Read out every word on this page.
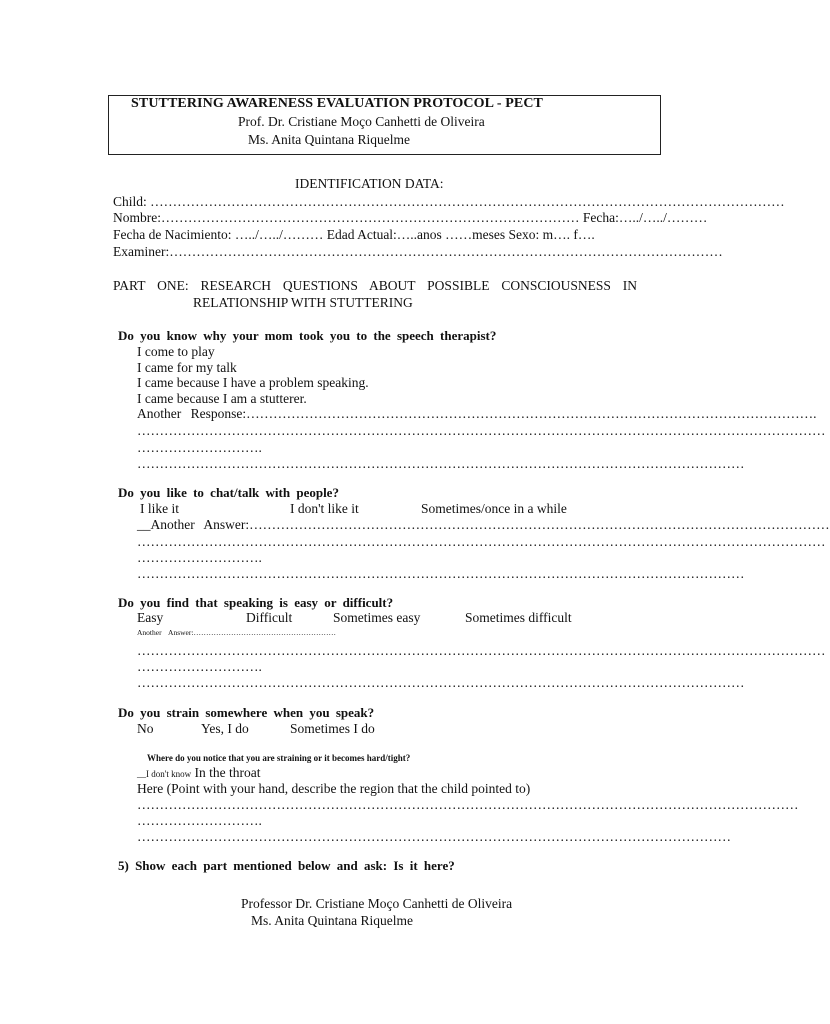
STUTTERING AWARENESS EVALUATION PROTOCOL - PECT
Prof. Dr. Cristiane Moço Canhetti de Oliveira
Ms. Anita Quintana Riquelme
IDENTIFICATION DATA:
Child: ……………………………………………………………………………………………………………………………
Nombre:………………………………………………………………………………… Fecha:…../…../………
Fecha de Nacimiento: …../…../……… Edad Actual:…..anos ……meses Sexo: m…. f….
Examiner:……………………………………………………………………………………………………………
PART ONE: RESEARCH QUESTIONS ABOUT POSSIBLE CONSCIOUSNESS IN
RELATIONSHIP WITH STUTTERING
Do you know why your mom took you to the speech therapist?
I come to play
I came for my talk
I came because I have a problem speaking.
I came because I am a stutterer.
Another Response:……………………………………………………………………………………………………………….
………………………………………………………………………………………………………………………………………
……………………….
………………………………………………………………………………………………………………………
Do you like to chat/talk with people?
I like it	I don't like it	Sometimes/once in a while
__Another Answer:…………………………………………………………………………………………………………………
………………………………………………………………………………………………………………………………………
……………………….
………………………………………………………………………………………………………………………
Do you find that speaking is easy or difficult?
Easy	Difficult	Sometimes easy	Sometimes difficult
Another Answer:…………………………………………………
………………………………………………………………………………………………………………………………………
……………………….
………………………………………………………………………………………………………………………
Do you strain somewhere when you speak?
No	Yes, I do	Sometimes I do
Where do you notice that you are straining or it becomes hard/tight?
__I don't know In the throat
Here (Point with your hand, describe the region that the child pointed to)
…………………………………………………………………………………………………………………………………
……………………….
……………………………………………………………………………………………………………………
5) Show each part mentioned below and ask: Is it here?
Professor Dr. Cristiane Moço Canhetti de Oliveira
Ms. Anita Quintana Riquelme
